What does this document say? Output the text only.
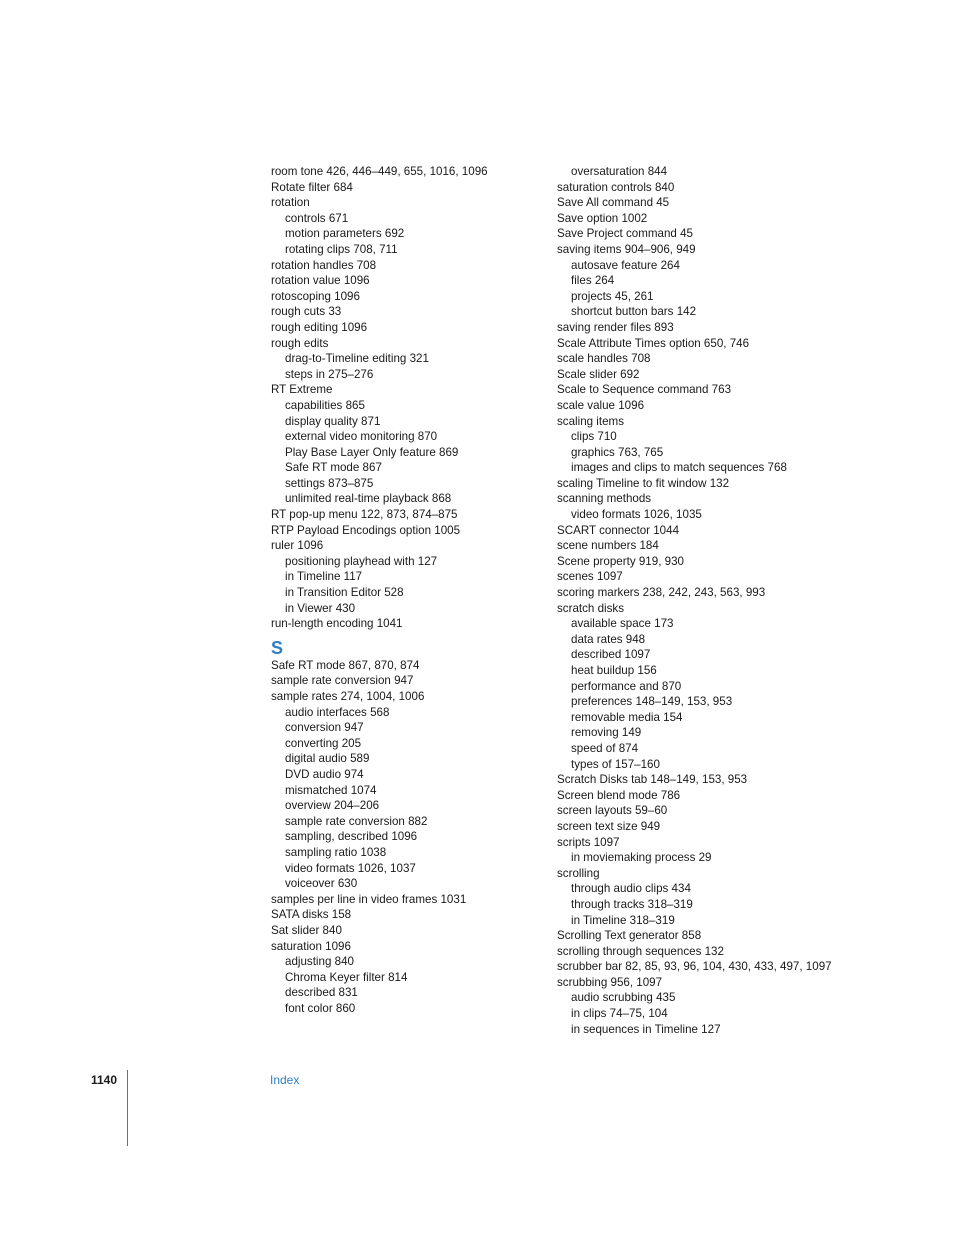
room tone 426, 446–449, 655, 1016, 1096
Rotate filter 684
rotation
controls 671
motion parameters 692
rotating clips 708, 711
rotation handles 708
rotation value 1096
rotoscoping 1096
rough cuts 33
rough editing 1096
rough edits
drag-to-Timeline editing 321
steps in 275–276
RT Extreme
capabilities 865
display quality 871
external video monitoring 870
Play Base Layer Only feature 869
Safe RT mode 867
settings 873–875
unlimited real-time playback 868
RT pop-up menu 122, 873, 874–875
RTP Payload Encodings option 1005
ruler 1096
positioning playhead with 127
in Timeline 117
in Transition Editor 528
in Viewer 430
run-length encoding 1041
S
Safe RT mode 867, 870, 874
sample rate conversion 947
sample rates 274, 1004, 1006
audio interfaces 568
conversion 947
converting 205
digital audio 589
DVD audio 974
mismatched 1074
overview 204–206
sample rate conversion 882
sampling, described 1096
sampling ratio 1038
video formats 1026, 1037
voiceover 630
samples per line in video frames 1031
SATA disks 158
Sat slider 840
saturation 1096
adjusting 840
Chroma Keyer filter 814
described 831
font color 860
oversaturation 844
saturation controls 840
Save All command 45
Save option 1002
Save Project command 45
saving items 904–906, 949
autosave feature 264
files 264
projects 45, 261
shortcut button bars 142
saving render files 893
Scale Attribute Times option 650, 746
scale handles 708
Scale slider 692
Scale to Sequence command 763
scale value 1096
scaling items
clips 710
graphics 763, 765
images and clips to match sequences 768
scaling Timeline to fit window 132
scanning methods
video formats 1026, 1035
SCART connector 1044
scene numbers 184
Scene property 919, 930
scenes 1097
scoring markers 238, 242, 243, 563, 993
scratch disks
available space 173
data rates 948
described 1097
heat buildup 156
performance and 870
preferences 148–149, 153, 953
removable media 154
removing 149
speed of 874
types of 157–160
Scratch Disks tab 148–149, 153, 953
Screen blend mode 786
screen layouts 59–60
screen text size 949
scripts 1097
in moviemaking process 29
scrolling
through audio clips 434
through tracks 318–319
in Timeline 318–319
Scrolling Text generator 858
scrolling through sequences 132
scrubber bar 82, 85, 93, 96, 104, 430, 433, 497, 1097
scrubbing 956, 1097
audio scrubbing 435
in clips 74–75, 104
in sequences in Timeline 127
1140	Index
